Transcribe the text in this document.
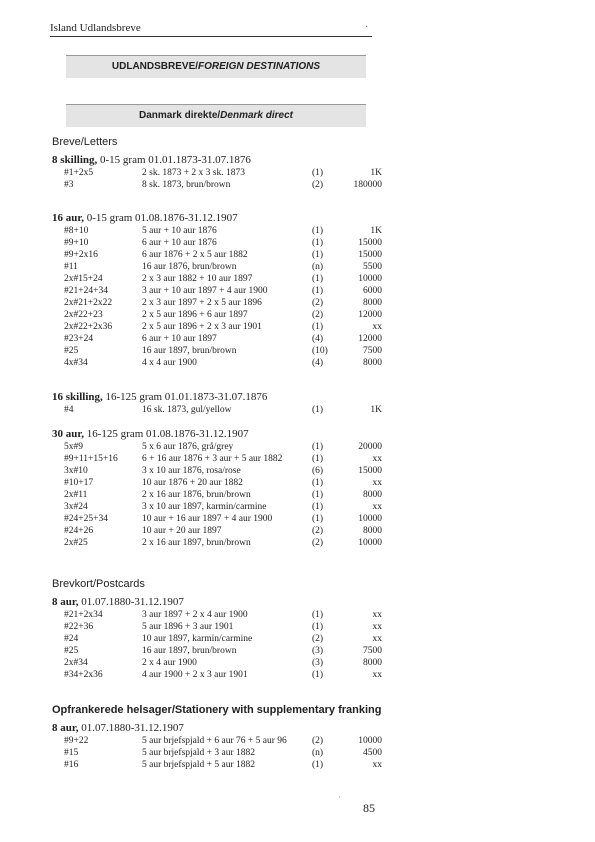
Island Udlandsbreve	·
UDLANDSBREVE/FOREIGN DESTINATIONS
Danmark direkte/Denmark direct
Breve/Letters
Brevkort/Postcards
Opfrankerede helsager/Stationery with supplementary franking
8 skilling, 0-15 gram 01.01.1873-31.07.1876
#1+2x5	2 sk. 1873 + 2 x 3 sk. 1873	(1)	1K
#3	8 sk. 1873, brun/brown	(2)	180000
16 aur, 0-15 gram 01.08.1876-31.12.1907
#8+10	5 aur + 10 aur 1876	(1)	1K
#9+10	6 aur + 10 aur 1876	(1)	15000
#9+2x16	6 aur 1876 + 2 x 5 aur 1882	(1)	15000
#11	16 aur 1876, brun/brown	(n)	5500
2x#15+24	2 x 3 aur 1882 + 10 aur 1897	(1)	10000
#21+24+34	3 aur + 10 aur 1897 + 4 aur 1900	(1)	6000
2x#21+2x22	2 x 3 aur 1897 + 2 x 5 aur 1896	(2)	8000
2x#22+23	2 x 5 aur 1896 + 6 aur 1897	(2)	12000
2x#22+2x36	2 x 5 aur 1896 + 2 x 3 aur 1901	(1)	xx
#23+24	6 aur + 10 aur 1897	(4)	12000
#25	16 aur 1897, brun/brown	(10)	7500
4x#34	4 x 4 aur 1900	(4)	8000
16 skilling, 16-125 gram 01.01.1873-31.07.1876
#4	16 sk. 1873, gul/yellow	(1)	1K
30 aur, 16-125 gram 01.08.1876-31.12.1907
5x#9	5 x 6 aur 1876, grå/grey	(1)	20000
#9+11+15+16	6 + 16 aur 1876 + 3 aur + 5 aur 1882	(1)	xx
3x#10	3 x 10 aur 1876, rosa/rose	(6)	15000
#10+17	10 aur 1876 + 20 aur 1882	(1)	xx
2x#11	2 x 16 aur 1876, brun/brown	(1)	8000
3x#24	3 x 10 aur 1897, karmin/carmine	(1)	xx
#24+25+34	10 aur + 16 aur 1897 + 4 aur 1900	(1)	10000
#24+26	10 aur + 20 aur 1897	(2)	8000
2x#25	2 x 16 aur 1897, brun/brown	(2)	10000
8 aur, 01.07.1880-31.12.1907
#21+2x34	3 aur 1897 + 2 x 4 aur 1900	(1)	xx
#22+36	5 aur 1896 + 3 aur 1901	(1)	xx
#24	10 aur 1897, karmin/carmine	(2)	xx
#25	16 aur 1897, brun/brown	(3)	7500
2x#34	2 x 4 aur 1900	(3)	8000
#34+2x36	4 aur 1900 + 2 x 3 aur 1901	(1)	xx
8 aur, 01.07.1880-31.12.1907
#9+22	5 aur brjefspjald + 6 aur 76 + 5 aur 96	(2)	10000
#15	5 aur brjefspjald + 3 aur 1882	(n)	4500
#16	5 aur brjefspjald + 5 aur 1882	(1)	xx
·
85
